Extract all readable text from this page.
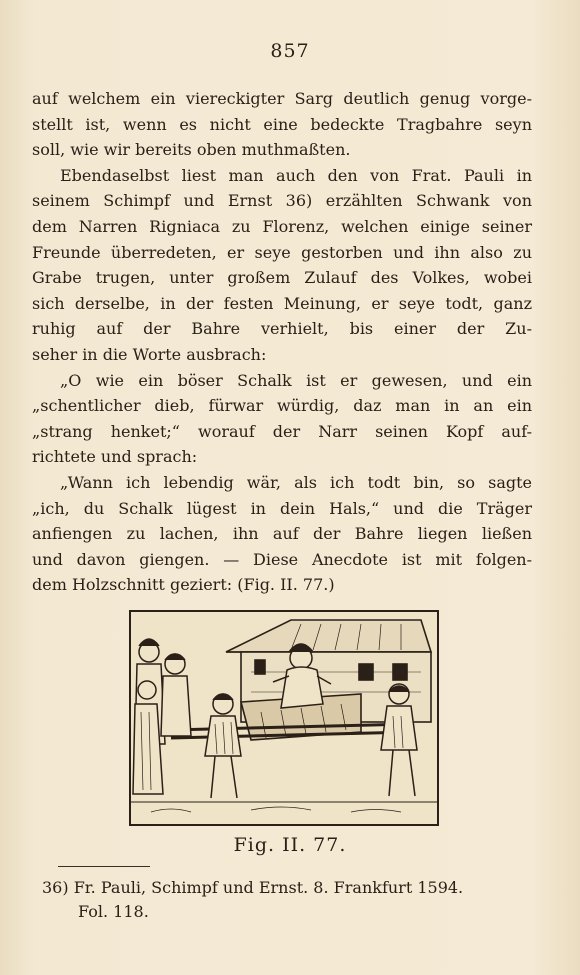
857
auf welchem ein viereckigter Sarg deutlich genug vorge-
stellt ist, wenn es nicht eine bedeckte Tragbahre seyn
soll, wie wir bereits oben muthmaßten.
Ebendaselbst liest man auch den von Frat. Pauli in
seinem Schimpf und Ernst 36) erzählten Schwank von
dem Narren Rigniaca zu Florenz, welchen einige seiner
Freunde überredeten, er seye gestorben und ihn also zu
Grabe trugen, unter großem Zulauf des Volkes, wobei
sich derselbe, in der festen Meinung, er seye todt, ganz
ruhig auf der Bahre verhielt, bis einer der Zu-
seher in die Worte ausbrach:
„O wie ein böser Schalk ist er gewesen, und ein
„schentlicher dieb, fürwar würdig, daz man in an ein
„strang henket;“ worauf der Narr seinen Kopf auf-
richtete und sprach:
„Wann ich lebendig wär, als ich todt bin, so sagte
„ich, du Schalk lügest in dein Hals,“ und die Träger
anfiengen zu lachen, ihn auf der Bahre liegen ließen
und davon giengen. — Diese Anecdote ist mit folgen-
dem Holzschnitt geziert: (Fig. II. 77.)
Fig. II. 77.
36) Fr. Pauli, Schimpf und Ernst. 8. Frankfurt 1594.
Fol. 118.
